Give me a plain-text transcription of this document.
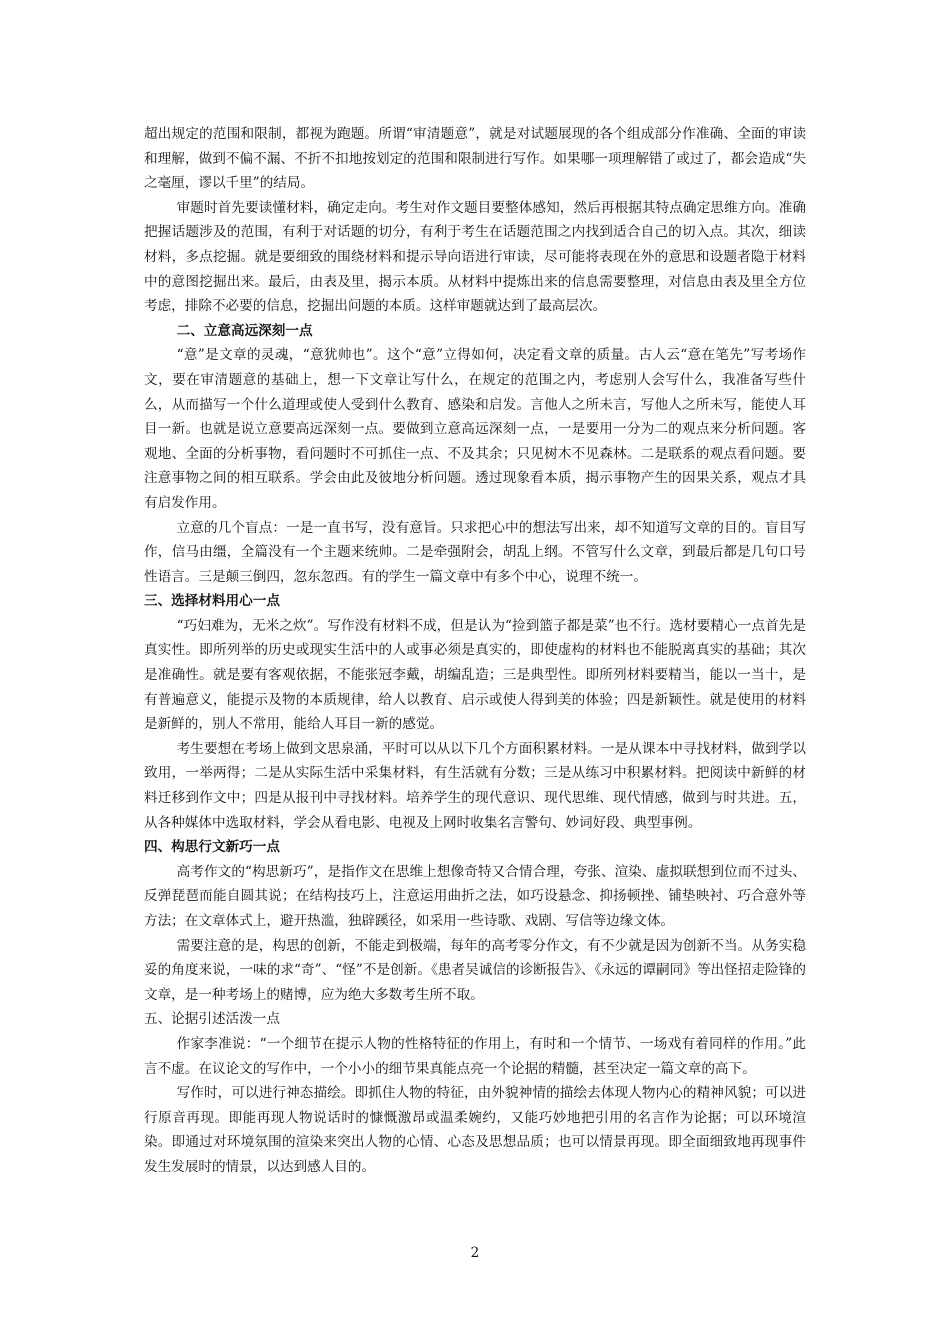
超出规定的范围和限制，都视为跑题。所谓“审清题意”，就是对试题展现的各个组成部分作准确、全面的审读和理解，做到不偏不漏、不折不扣地按划定的范围和限制进行写作。如果哪一项理解错了或过了，都会造成“失之毫厘，谬以千里”的结局。

审题时首先要读懂材料，确定走向。考生对作文题目要整体感知，然后再根据其特点确定思维方向。准确把握话题涉及的范围，有利于对话题的切分，有利于考生在话题范围之内找到适合自己的切入点。其次，细读材料，多点挖掘。就是要细致的围绕材料和提示导向语进行审读，尽可能将表现在外的意思和设题者隐于材料中的意图挖掘出来。最后，由表及里，揭示本质。从材料中提炼出来的信息需要整理，对信息由表及里全方位考虑，排除不必要的信息，挖掘出问题的本质。这样审题就达到了最高层次。

二、立意高远深刻一点

“意”是文章的灵魂，“意犹帅也”。这个“意”立得如何，决定看文章的质量。古人云“意在笔先”写考场作文，要在审清题意的基础上，想一下文章让写什么，在规定的范围之内，考虑别人会写什么，我准备写些什么，从而描写一个什么道理或使人受到什么教育、感染和启发。言他人之所未言，写他人之所未写，能使人耳目一新。也就是说立意要高远深刻一点。要做到立意高远深刻一点，一是要用一分为二的观点来分析问题。客观地、全面的分析事物，看问题时不可抓住一点、不及其余；只见树木不见森林。二是联系的观点看问题。要注意事物之间的相互联系。学会由此及彼地分析问题。透过现象看本质，揭示事物产生的因果关系，观点才具有启发作用。

立意的几个盲点：一是一直书写，没有意旨。只求把心中的想法写出来，却不知道写文章的目的。盲目写作，信马由缰，全篇没有一个主题来统帅。二是牵强附会，胡乱上纲。不管写什么文章，到最后都是几句口号性语言。三是颠三倒四，忽东忽西。有的学生一篇文章中有多个中心，说理不统一。

三、选择材料用心一点

“巧妇难为，无米之炊”。写作没有材料不成，但是认为“捡到篮子都是菜”也不行。选材要精心一点首先是真实性。即所列举的历史或现实生活中的人或事必须是真实的，即使虚构的材料也不能脱离真实的基础；其次是准确性。就是要有客观依据，不能张冠李戴，胡编乱造；三是典型性。即所列材料要精当，能以一当十，是有普遍意义，能提示及物的本质规律，给人以教育、启示或使人得到美的体验；四是新颖性。就是使用的材料是新鲜的，别人不常用，能给人耳目一新的感觉。

考生要想在考场上做到文思泉涌，平时可以从以下几个方面积累材料。一是从课本中寻找材料，做到学以致用，一举两得；二是从实际生活中采集材料，有生活就有分数；三是从练习中积累材料。把阅读中新鲜的材料迁移到作文中；四是从报刊中寻找材料。培养学生的现代意识、现代思维、现代情感，做到与时共进。五，从各种媒体中选取材料，学会从看电影、电视及上网时收集名言警句、妙词好段、典型事例。

四、构思行文新巧一点

高考作文的“构思新巧”，是指作文在思维上想像奇特又合情合理，夸张、渲染、虚拟联想到位而不过头、反弹琵琶而能自圆其说；在结构技巧上，注意运用曲折之法，如巧设悬念、抑扬顿挫、铺垫映衬、巧合意外等方法；在文章体式上，避开热滥，独辟蹊径，如采用一些诗歌、戏剧、写信等边缘文体。

需要注意的是，构思的创新，不能走到极端，每年的高考零分作文，有不少就是因为创新不当。从务实稳妥的角度来说，一味的求“奇”、“怪”不是创新。《患者吴诚信的诊断报告》、《永远的谭嗣同》等出怪招走险锋的文章，是一种考场上的赌博，应为绝大多数考生所不取。

五、论据引述活泼一点

作家李准说：“一个细节在提示人物的性格特征的作用上，有时和一个情节、一场戏有着同样的作用。”此言不虚。在议论文的写作中，一个小小的细节果真能点亮一个论据的精髓，甚至决定一篇文章的高下。

写作时，可以进行神态描绘。即抓住人物的特征，由外貌神情的描绘去体现人物内心的精神风貌；可以进行原音再现。即能再现人物说话时的慷慨激昂或温柔婉约，又能巧妙地把引用的名言作为论据；可以环境渲染。即通过对环境氛围的渲染来突出人物的心情、心态及思想品质；也可以情景再现。即全面细致地再现事件发生发展时的情景，以达到感人目的。

2
